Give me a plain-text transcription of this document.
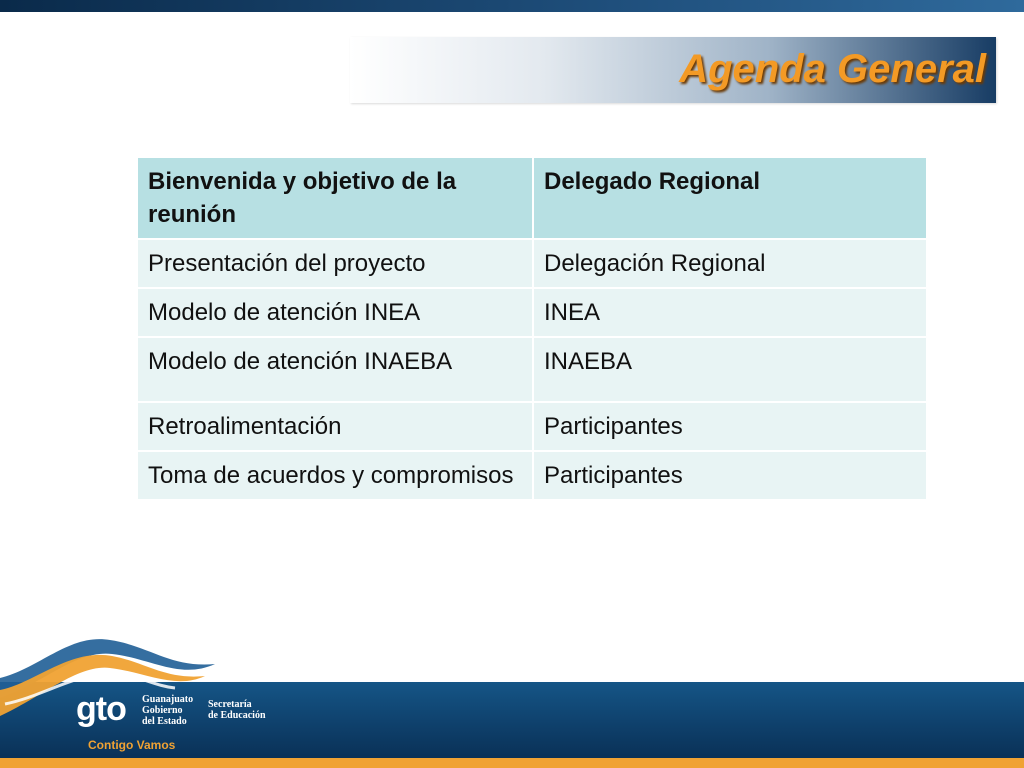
Agenda General
Bienvenida y objetivo de la reunión	Delegado Regional
Presentación del proyecto	Delegación Regional
Modelo de atención INEA	INEA
Modelo de atención INAEBA	INAEBA
Retroalimentación	Participantes
Toma de acuerdos y compromisos	Participantes
gto Guanajuato
Gobierno
del Estado
Secretaría
de Educación
Contigo Vamos
